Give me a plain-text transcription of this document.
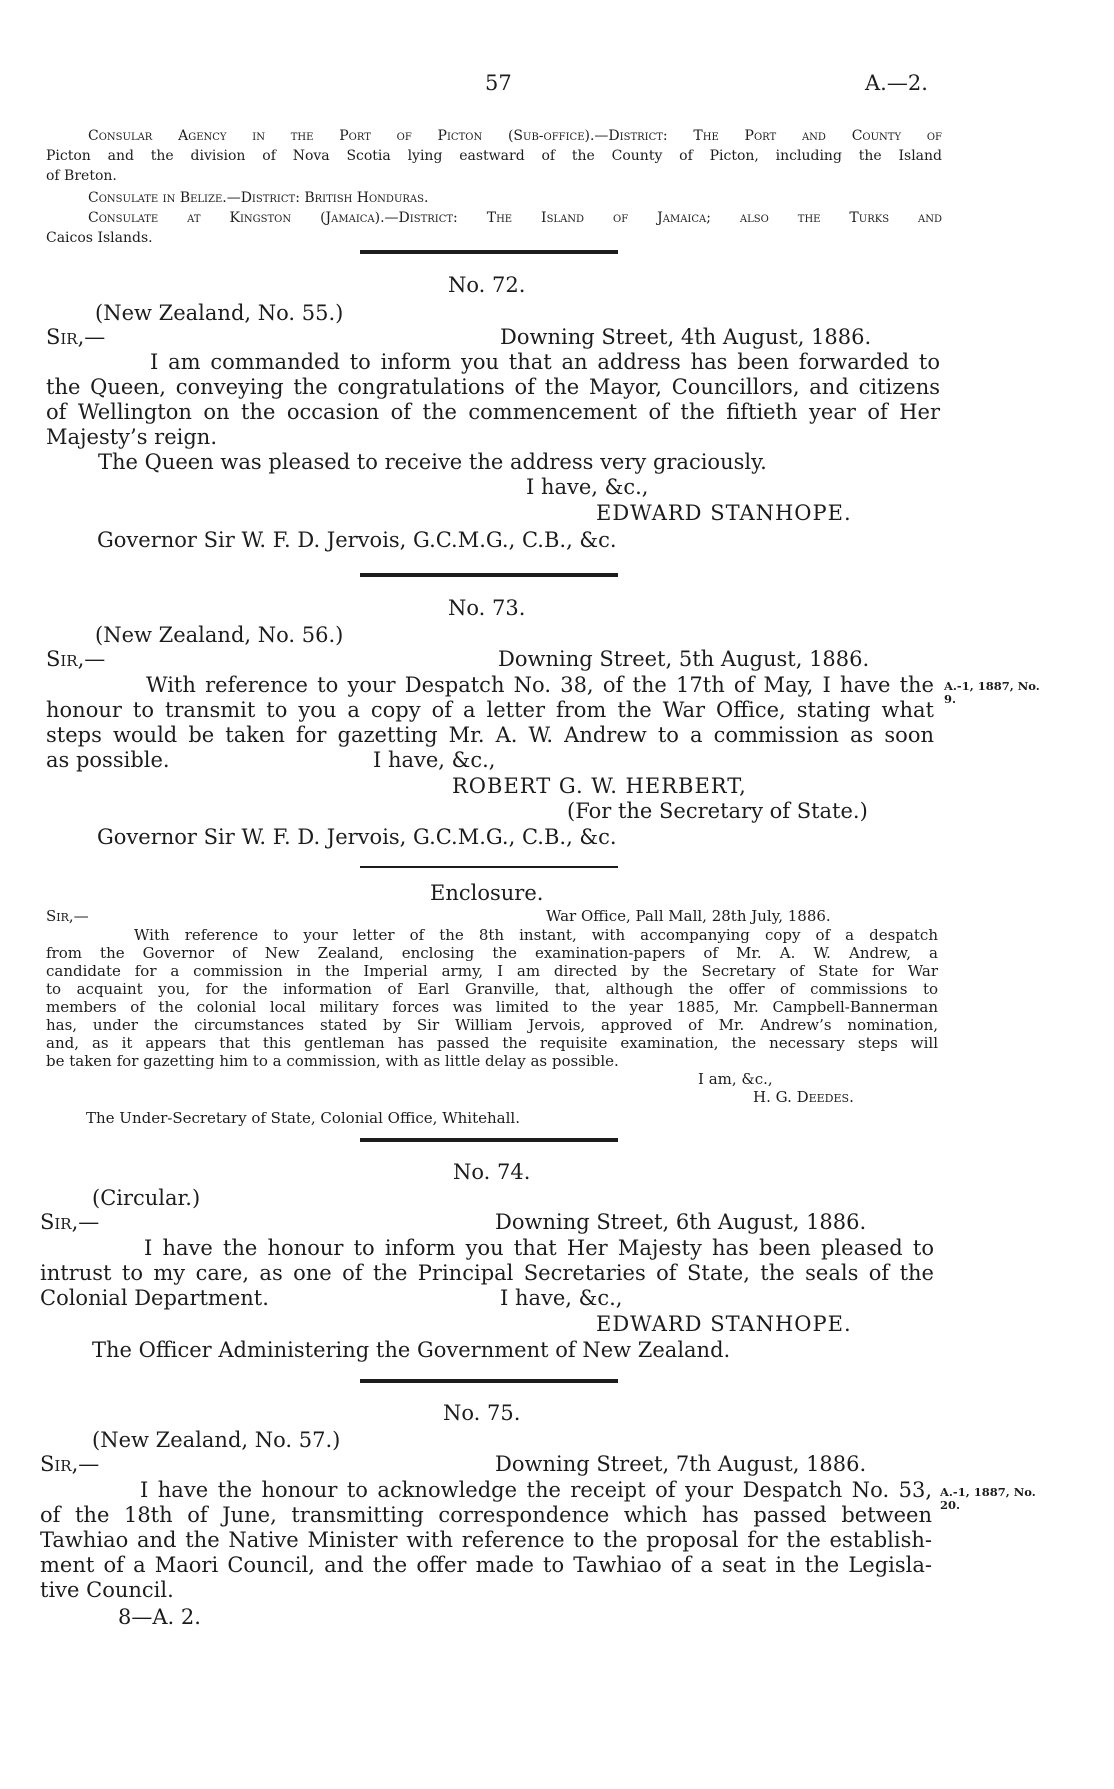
57	A.—2.
Consular Agency in the Port of Picton (Sub-office).—District: The Port and County of
Picton and the division of Nova Scotia lying eastward of the County of Picton, including the Island
of Breton.
Consulate in Belize.—District: British Honduras.
Consulate at Kingston (Jamaica).—District: The Island of Jamaica; also the Turks and
Caicos Islands.
No. 72.
(New Zealand, No. 55.)
Sir,—	Downing Street, 4th August, 1886.
I am commanded to inform you that an address has been forwarded to
the Queen, conveying the congratulations of the Mayor, Councillors, and citizens
of Wellington on the occasion of the commencement of the fiftieth year of Her
Majesty’s reign.
The Queen was pleased to receive the address very graciously.
I have, &c.,
EDWARD STANHOPE.
Governor Sir W. F. D. Jervois, G.C.M.G., C.B., &c.
No. 73.
(New Zealand, No. 56.)
Sir,—	Downing Street, 5th August, 1886.
With reference to your Despatch No. 38, of the 17th of May, I have the
honour to transmit to you a copy of a letter from the War Office, stating what
steps would be taken for gazetting Mr. A. W. Andrew to a commission as soon
as possible.	I have, &c.,
ROBERT G. W. HERBERT,
(For the Secretary of State.)
Governor Sir W. F. D. Jervois, G.C.M.G., C.B., &c.
A.-1, 1887, No.
9.
Enclosure.
Sir,—	War Office, Pall Mall, 28th July, 1886.
With reference to your letter of the 8th instant, with accompanying copy of a despatch
from the Governor of New Zealand, enclosing the examination-papers of Mr. A. W. Andrew, a
candidate for a commission in the Imperial army, I am directed by the Secretary of State for War
to acquaint you, for the information of Earl Granville, that, although the offer of commissions to
members of the colonial local military forces was limited to the year 1885, Mr. Campbell-Bannerman
has, under the circumstances stated by Sir William Jervois, approved of Mr. Andrew’s nomination,
and, as it appears that this gentleman has passed the requisite examination, the necessary steps will
be taken for gazetting him to a commission, with as little delay as possible.
I am, &c.,
H. G. Deedes.
The Under-Secretary of State, Colonial Office, Whitehall.
No. 74.
(Circular.)
Sir,—	Downing Street, 6th August, 1886.
I have the honour to inform you that Her Majesty has been pleased to
intrust to my care, as one of the Principal Secretaries of State, the seals of the
Colonial Department.	I have, &c.,
EDWARD STANHOPE.
The Officer Administering the Government of New Zealand.
No. 75.
(New Zealand, No. 57.)
Sir,—	Downing Street, 7th August, 1886.
I have the honour to acknowledge the receipt of your Despatch No. 53,
of the 18th of June, transmitting correspondence which has passed between
Tawhiao and the Native Minister with reference to the proposal for the establish-
ment of a Maori Council, and the offer made to Tawhiao of a seat in the Legisla-
tive Council.
A.-1, 1887, No.
20.
8—A. 2.
